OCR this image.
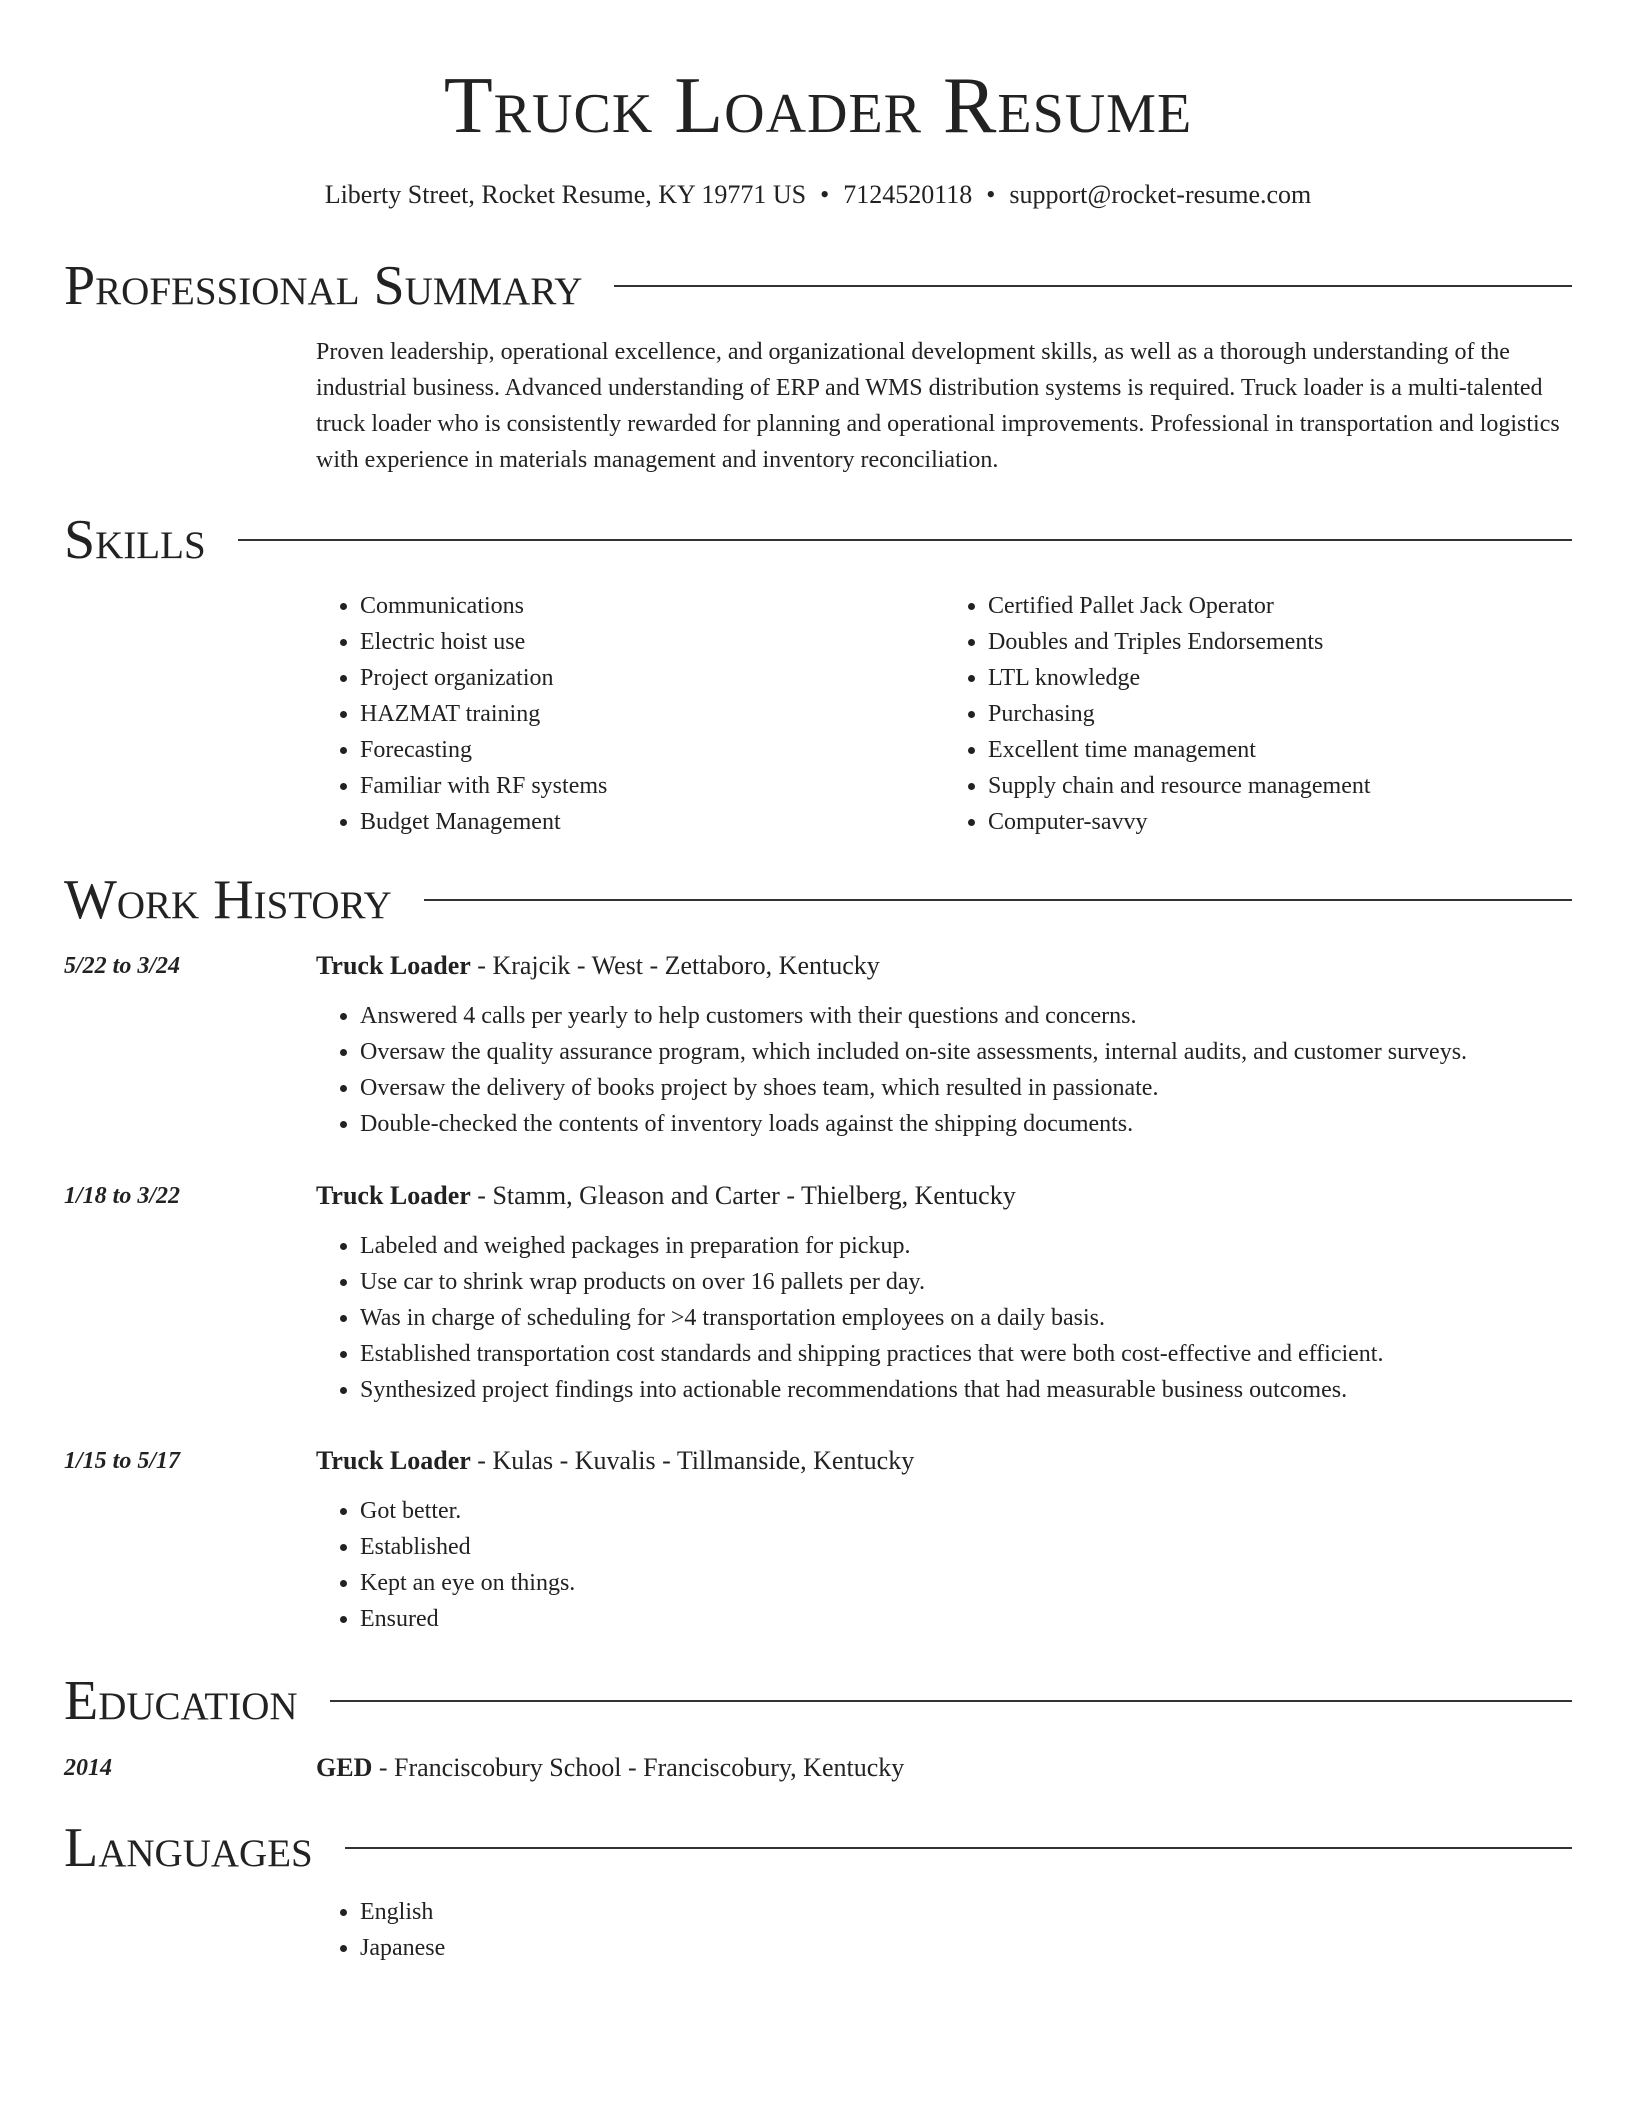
Truck Loader Resume
Liberty Street, Rocket Resume, KY 19771 US • 7124520118 • support@rocket-resume.com
Professional Summary
Proven leadership, operational excellence, and organizational development skills, as well as a thorough understanding of the industrial business. Advanced understanding of ERP and WMS distribution systems is required. Truck loader is a multi-talented truck loader who is consistently rewarded for planning and operational improvements. Professional in transportation and logistics with experience in materials management and inventory reconciliation.
Skills
• Communications
• Electric hoist use
• Project organization
• HAZMAT training
• Forecasting
• Familiar with RF systems
• Budget Management
• Certified Pallet Jack Operator
• Doubles and Triples Endorsements
• LTL knowledge
• Purchasing
• Excellent time management
• Supply chain and resource management
• Computer-savvy
Work History
5/22 to 3/24	Truck Loader - Krajcik - West - Zettaboro, Kentucky
• Answered 4 calls per yearly to help customers with their questions and concerns.
• Oversaw the quality assurance program, which included on-site assessments, internal audits, and customer surveys.
• Oversaw the delivery of books project by shoes team, which resulted in passionate.
• Double-checked the contents of inventory loads against the shipping documents.
1/18 to 3/22	Truck Loader - Stamm, Gleason and Carter - Thielberg, Kentucky
• Labeled and weighed packages in preparation for pickup.
• Use car to shrink wrap products on over 16 pallets per day.
• Was in charge of scheduling for >4 transportation employees on a daily basis.
• Established transportation cost standards and shipping practices that were both cost-effective and efficient.
• Synthesized project findings into actionable recommendations that had measurable business outcomes.
1/15 to 5/17	Truck Loader - Kulas - Kuvalis - Tillmanside, Kentucky
• Got better.
• Established
• Kept an eye on things.
• Ensured
Education
2014	GED - Franciscobury School - Franciscobury, Kentucky
Languages
• English
• Japanese
